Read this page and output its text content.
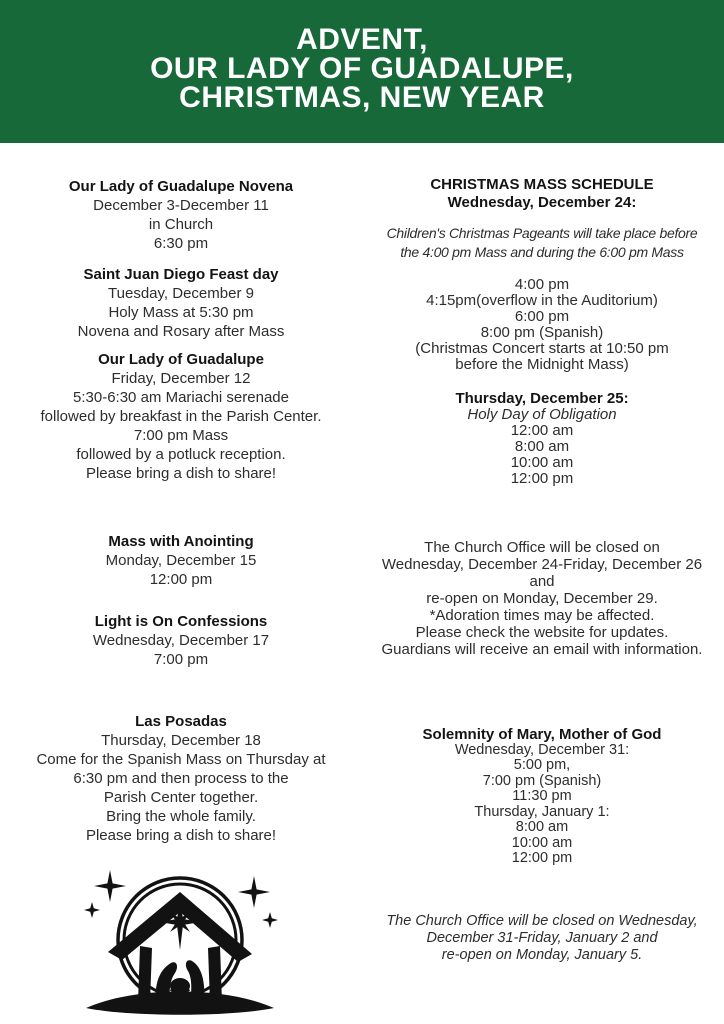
ADVENT,
OUR LADY OF GUADALUPE,
CHRISTMAS, NEW YEAR
Our Lady of Guadalupe Novena
December 3-December 11
in Church
6:30 pm
Saint Juan Diego Feast day
Tuesday, December 9
Holy Mass at 5:30 pm
Novena and Rosary after Mass
Our Lady of Guadalupe
Friday, December 12
5:30-6:30 am Mariachi serenade
followed by breakfast in the Parish Center.
7:00 pm Mass
followed by a potluck reception.
Please bring a dish to share!
Mass with Anointing
Monday, December 15
12:00 pm
Light is On Confessions
Wednesday, December 17
7:00 pm
Las Posadas
Thursday, December 18
Come for the Spanish Mass on Thursday at
6:30 pm and then process to the
Parish Center together.
Bring the whole family.
Please bring a dish to share!
CHRISTMAS MASS SCHEDULE
Wednesday, December 24:
Children's Christmas Pageants will take place before
the 4:00 pm Mass and during the 6:00 pm Mass
4:00 pm
4:15pm(overflow in the Auditorium)
6:00 pm
8:00 pm (Spanish)
(Christmas Concert starts at 10:50 pm
before the Midnight Mass)
Thursday, December 25:
Holy Day of Obligation
12:00 am
8:00 am
10:00 am
12:00 pm
The Church Office will be closed on
Wednesday, December 24-Friday, December 26
and
re-open on Monday, December 29.
*Adoration times may be affected.
Please check the website for updates.
Guardians will receive an email with information.
Solemnity of Mary, Mother of God
Wednesday, December 31:
5:00 pm,
7:00 pm (Spanish)
11:30 pm
Thursday, January 1:
8:00 am
10:00 am
12:00 pm
The Church Office will be closed on Wednesday,
December 31-Friday, January 2 and
re-open on Monday, January 5.
